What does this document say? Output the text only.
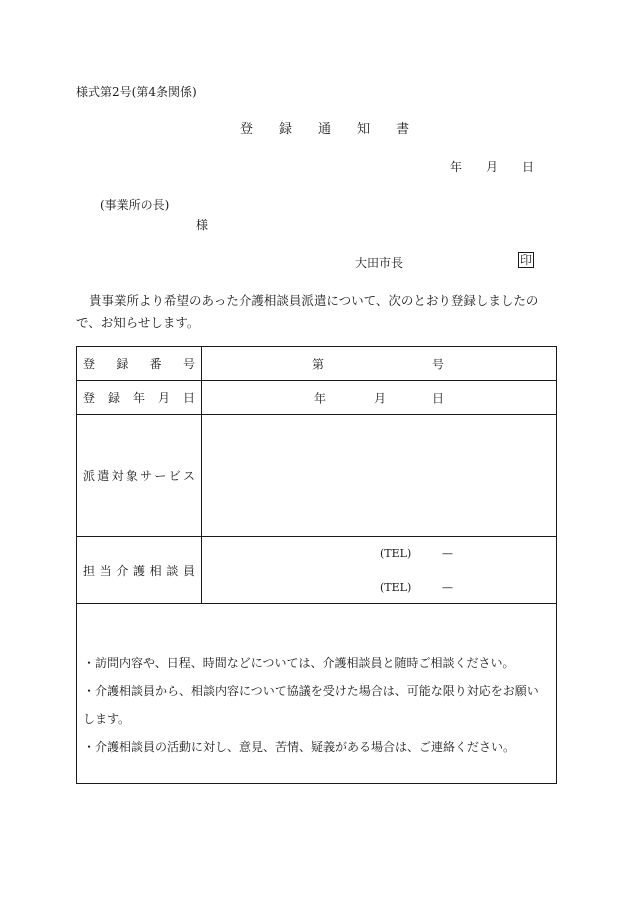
様式第2号(第4条関係)
登 録 通 知 書
年 月 日
(事業所の長)
様
大田市長	印
貴事業所より希望のあった介護相談員派遣について、次のとおり登録しましたので、お知らせします。
登録番号	第 号

登録年月日	年 月 日

派遣対象サービス	
担当介護相談員	(TEL) —
(TEL) —

・訪問内容や、日程、時間などについては、介護相談員と随時ご相談ください。
・介護相談員から、相談内容について協議を受けた場合は、可能な限り対応をお願いします。
・介護相談員の活動に対し、意見、苦情、疑義がある場合は、ご連絡ください。	
